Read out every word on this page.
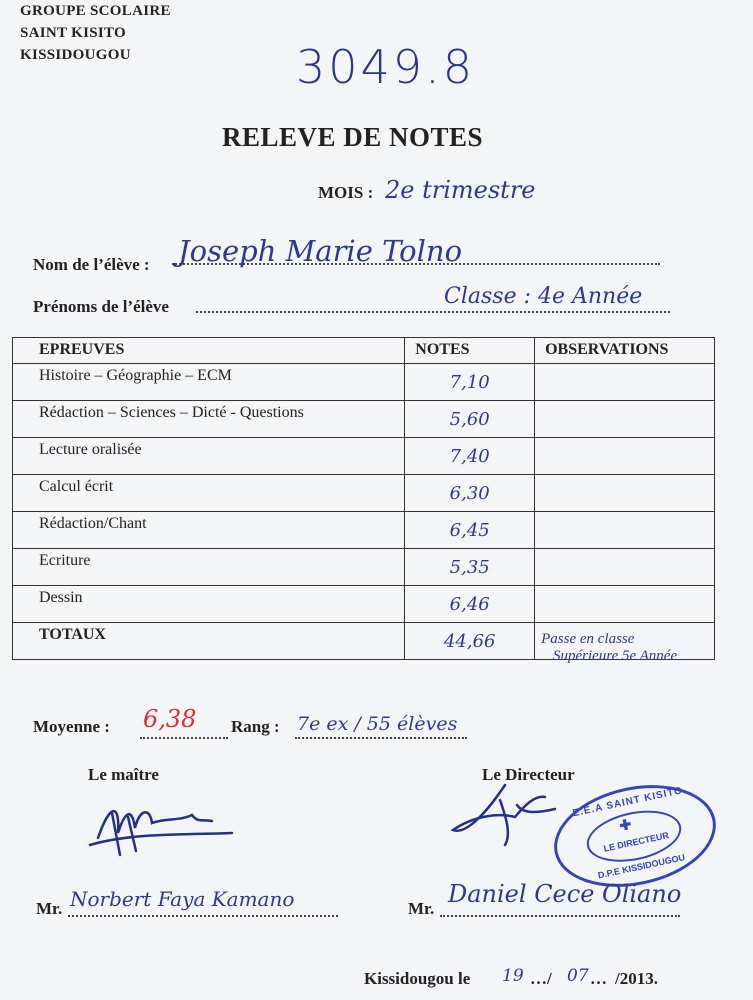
GROUPE SCOLAIRE
SAINT KISITO
KISSIDOUGOU	3049.8
RELEVE DE NOTES
MOIS : 2e trimestre
Nom de l’élève : Joseph Marie Tolno
Prénoms de l’élève	Classe : 4e Année
EPREUVES	NOTES	OBSERVATIONS

Histoire – Géographie – ECM	7,10	

Rédaction – Sciences – Dicté - Questions	5,60	

Lecture oralisée	7,40	

Calcul écrit	6,30	

Rédaction/Chant	6,45	

Ecriture	5,35	

Dessin	6,46	

TOTAUX	44,66	Passe en classe
Supérieure 5e Année
Moyenne : 6,38 Rang : 7e ex / 55 élèves
Le maître
Mr. Norbert Faya Kamano
Le Directeur
E.E.A SAINT KISITO
✚
LE DIRECTEUR
D.P.E KISSIDOUGOU
Mr.
Daniel Cece Oliano
Kissidougou le 19 …/ 07 … /2013.
